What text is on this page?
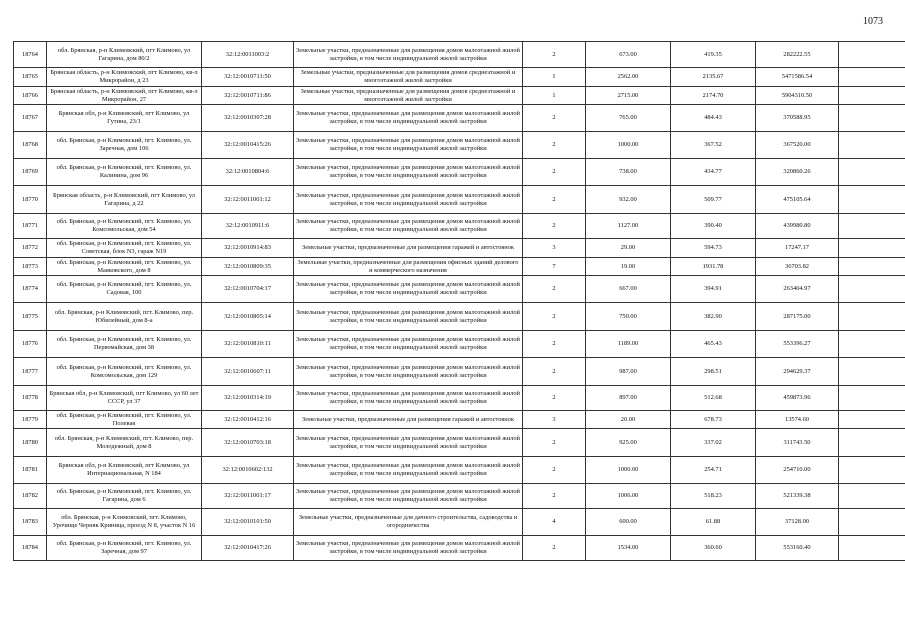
1073
18764	обл. Брянская, р-н Климовский, пгт Климово, ул Гагарина, дом 80/2	32:12:0011003:2	Земельные участки, предназначенные для размещения домов малоэтажной жилой застройки, в том числе индивидуальной жилой застройки	2	673.00	419.35	282222.55	
18765	Брянская область, р-н Климовский, пгт Климово, кв-л Микрорайон, д 23	32:12:0010711:50	Земельные участки, предназначенные для размещения домов среднеэтажной и многоэтажной жилой застройки	1	2562.00	2135.67	5471586.54	
18766	Брянская область, р-н Климовский, пгт Климово, кв-л Микрорайон, 27	32:12:0010711:86	Земельные участки, предназначенные для размещения домов среднеэтажной и многоэтажной жилой застройки	1	2715.00	2174.70	5904310.50	
18767	Брянская обл, р-н Климовский, пгт Климово, ул Гутина, 23/1	32:12:0010307:28	Земельные участки, предназначенные для размещения домов малоэтажной жилой застройки, в том числе индивидуальной жилой застройки	2	765.00	484.43	370588.95	
18768	обл. Брянская, р-н Климовский, пгт. Климово, ул. Заречная, дом 106	32:12:0010415:26	Земельные участки, предназначенные для размещения домов малоэтажной жилой застройки, в том числе индивидуальной жилой застройки	2	1000.00	367.52	367520.00	
18769	обл. Брянская, р-н Климовский, пгт. Климово, ул. Калинина, дом 96	32:12:0010804:6	Земельные участки, предназначенные для размещения домов малоэтажной жилой застройки, в том числе индивидуальной жилой застройки	2	738.00	434.77	320860.26	
18770	Брянская область, р-н Климовский, пгт Климово, ул Гагарина, д 22	32:12:0011001:12	Земельные участки, предназначенные для размещения домов малоэтажной жилой застройки, в том числе индивидуальной жилой застройки	2	932.00	509.77	475105.64	
18771	обл. Брянская, р-н Климовский, пгт. Климово, ул. Комсомольская, дом 54	32:12:0010911:6	Земельные участки, предназначенные для размещения домов малоэтажной жилой застройки, в том числе индивидуальной жилой застройки	2	1127.00	390.40	439980.80	
18772	обл. Брянская, р-н Климовский, пгт. Климово, ул. Советская, блок N3, гараж N19	32:12:0010914:83	Земельные участки, предназначенные для размещения гаражей и автостоянок	3	29.00	594.73	17247.17	
18773	обл. Брянская, р-н Климовский, пгт. Климово, ул. Маяковского, дом 8	32:12:0010809:35	Земельные участки, предназначенные для размещения офисных зданий делового и коммерческого назначения	7	19.00	1931.78	36703.82	
18774	обл. Брянская, р-н Климовский, пгт. Климово, ул. Садовая, 100	32:12:0010704:17	Земельные участки, предназначенные для размещения домов малоэтажной жилой застройки, в том числе индивидуальной жилой застройки	2	667.00	394.91	263404.97	
18775	обл. Брянская, р-н Климовский, пгт. Климово, пер. Юбилейный, дом 8-а	32:12:0010805:14	Земельные участки, предназначенные для размещения домов малоэтажной жилой застройки, в том числе индивидуальной жилой застройки	2	750.00	382.90	287175.00	
18776	обл. Брянская, р-н Климовский, пгт. Климово, ул. Первомайская, дом 38	32:12:0010810:11	Земельные участки, предназначенные для размещения домов малоэтажной жилой застройки, в том числе индивидуальной жилой застройки	2	1189.00	465.43	553396.27	
18777	обл. Брянская, р-н Климовский, пгт. Климово, ул. Комсомольская, дом 129	32:12:0010607:11	Земельные участки, предназначенные для размещения домов малоэтажной жилой застройки, в том числе индивидуальной жилой застройки	2	987.00	298.51	294629.37	
18778	Брянская обл, р-н Климовский, пгт Климово, ул 60 лет СССР, ул 37	32:12:0010314:19	Земельные участки, предназначенные для размещения домов малоэтажной жилой застройки, в том числе индивидуальной жилой застройки	2	897.00	512.68	459873.96	
18779	обл. Брянская, р-н Климовский, пгт. Климово, ул. Полевая	32:12:0010412:16	Земельные участки, предназначенные для размещения гаражей и автостоянок	3	20.00	678.73	13574.60	
18780	обл. Брянская, р-н Климовский, пгт. Климово, пер. Молодежный, дом 8	32:12:0010703:18	Земельные участки, предназначенные для размещения домов малоэтажной жилой застройки, в том числе индивидуальной жилой застройки	2	925.00	337.02	311743.50	
18781	Брянская обл, р-н Климовский, пгт Климово, ул Интернациональная, N 184	32:12:0010602:132	Земельные участки, предназначенные для размещения домов малоэтажной жилой застройки, в том числе индивидуальной жилой застройки	2	1000.00	254.71	254710.00	
18782	обл. Брянская, р-н Климовский, пгт. Климово, ул. Гагарина, дом 6	32:12:0011001:17	Земельные участки, предназначенные для размещения домов малоэтажной жилой застройки, в том числе индивидуальной жилой застройки	2	1006.00	518.23	521339.38	
18783	обл. Брянская, р-н Климовский, пгт. Климово, Урочище Черняк Криница, проезд N 8, участок N 16	32:12:0010101:50	Земельные участки, предназначенные для дачного строительства, садоводства и огородничества	4	600.00	61.88	37128.00	
18784	обл. Брянская, р-н Климовский, пгт. Климово, ул. Заречная, дом 97	32:12:0010417:26	Земельные участки, предназначенные для размещения домов малоэтажной жилой застройки, в том числе индивидуальной жилой застройки	2	1534.00	360.60	553160.40	
